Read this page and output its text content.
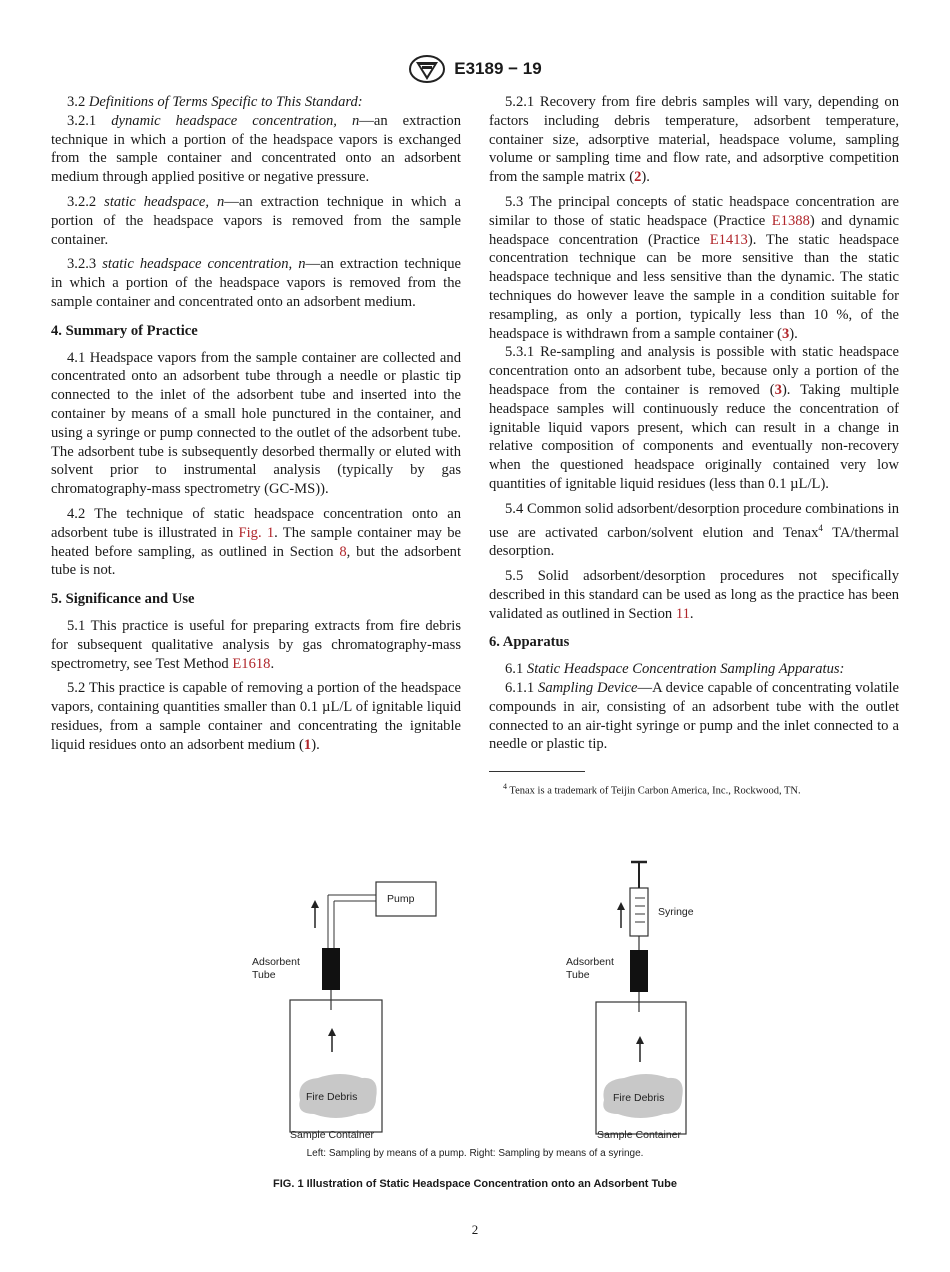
E3189 − 19

3.2 Definitions of Terms Specific to This Standard:

3.2.1 dynamic headspace concentration, n—an extraction technique in which a portion of the headspace vapors is exchanged from the sample container and concentrated onto an adsorbent medium through applied positive or negative pressure.

3.2.2 static headspace, n—an extraction technique in which a portion of the headspace vapors is removed from the sample container.

3.2.3 static headspace concentration, n—an extraction technique in which a portion of the headspace vapors is removed from the sample container and concentrated onto an adsorbent medium.

4. Summary of Practice

4.1 Headspace vapors from the sample container are collected and concentrated onto an adsorbent tube through a needle or plastic tip connected to the inlet of the adsorbent tube and inserted into the container by means of a small hole punctured in the container, and using a syringe or pump connected to the outlet of the adsorbent tube. The adsorbent tube is subsequently desorbed thermally or eluted with solvent prior to instrumental analysis (typically by gas chromatography-mass spectrometry (GC-MS)).

4.2 The technique of static headspace concentration onto an adsorbent tube is illustrated in Fig. 1. The sample container may be heated before sampling, as outlined in Section 8, but the adsorbent tube is not.

5. Significance and Use

5.1 This practice is useful for preparing extracts from fire debris for subsequent qualitative analysis by gas chromatography-mass spectrometry, see Test Method E1618.

5.2 This practice is capable of removing a portion of the headspace vapors, containing quantities smaller than 0.1 µL/L of ignitable liquid residues, from a sample container and concentrating the ignitable liquid residues onto an adsorbent medium (1).

5.2.1 Recovery from fire debris samples will vary, depending on factors including debris temperature, adsorbent temperature, container size, adsorptive material, headspace volume, sampling volume or sampling time and flow rate, and adsorptive competition from the sample matrix (2).

5.3 The principal concepts of static headspace concentration are similar to those of static headspace (Practice E1388) and dynamic headspace concentration (Practice E1413). The static headspace concentration technique can be more sensitive than the static headspace technique and less sensitive than the dynamic. The static techniques do however leave the sample in a condition suitable for resampling, as only a portion, typically less than 10 %, of the headspace is withdrawn from a sample container (3).

5.3.1 Re-sampling and analysis is possible with static headspace concentration onto an adsorbent tube, because only a portion of the headspace from the container is removed (3). Taking multiple headspace samples will continuously reduce the concentration of ignitable liquid vapors present, which can result in a change in relative composition of components and eventually non-recovery when the questioned headspace originally contained very low quantities of ignitable liquid residues (less than 0.1 µL/L).

5.4 Common solid adsorbent/desorption procedure combinations in use are activated carbon/solvent elution and Tenax$^4$ TA/thermal desorption.

5.5 Solid adsorbent/desorption procedures not specifically described in this standard can be used as long as the practice has been validated as outlined in Section 11.

6. Apparatus

6.1 Static Headspace Concentration Sampling Apparatus:

6.1.1 Sampling Device—A device capable of concentrating volatile compounds in air, consisting of an adsorbent tube with the outlet connected to an air-tight syringe or pump and the inlet connected to a needle or plastic tip.

$^4$ Tenax is a trademark of Teijin Carbon America, Inc., Rockwood, TN.

Pump
Adsorbent
Tube
Fire Debris
Sample Container
Syringe
Adsorbent
Tube
Fire Debris
Sample Container
Left: Sampling by means of a pump. Right: Sampling by means of a syringe.
FIG. 1 Illustration of Static Headspace Concentration onto an Adsorbent Tube
2
